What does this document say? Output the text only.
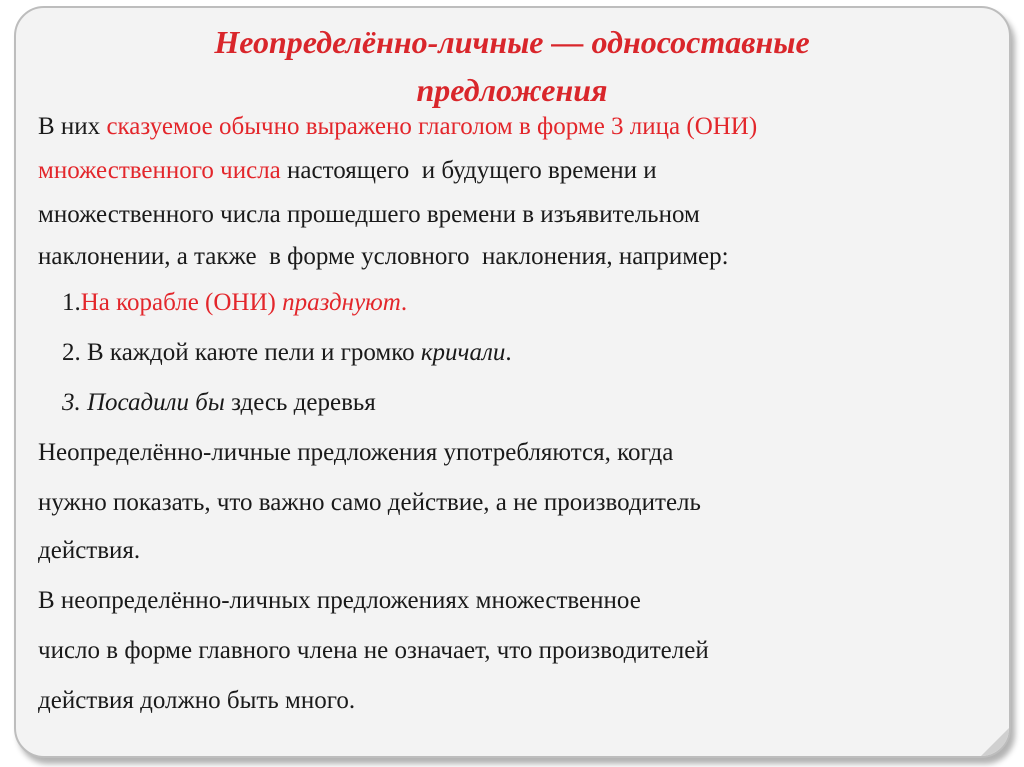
Неопределённо-личные — односоставные
предложения
В них сказуемое обычно выражено глаголом в форме 3 лица (ОНИ)
множественного числа настоящего  и будущего времени и
множественного числа прошедшего времени в изъявительном
наклонении, а также  в форме условного  наклонения, например:
1.На корабле (ОНИ) празднуют.
2. В каждой каюте пели и громко кричали.
3. Посадили бы здесь деревья
Неопределённо-личные предложения употребляются, когда
нужно показать, что важно само действие, а не производитель
действия.
В неопределённо-личных предложениях множественное
число в форме главного члена не означает, что производителей
действия должно быть много.
